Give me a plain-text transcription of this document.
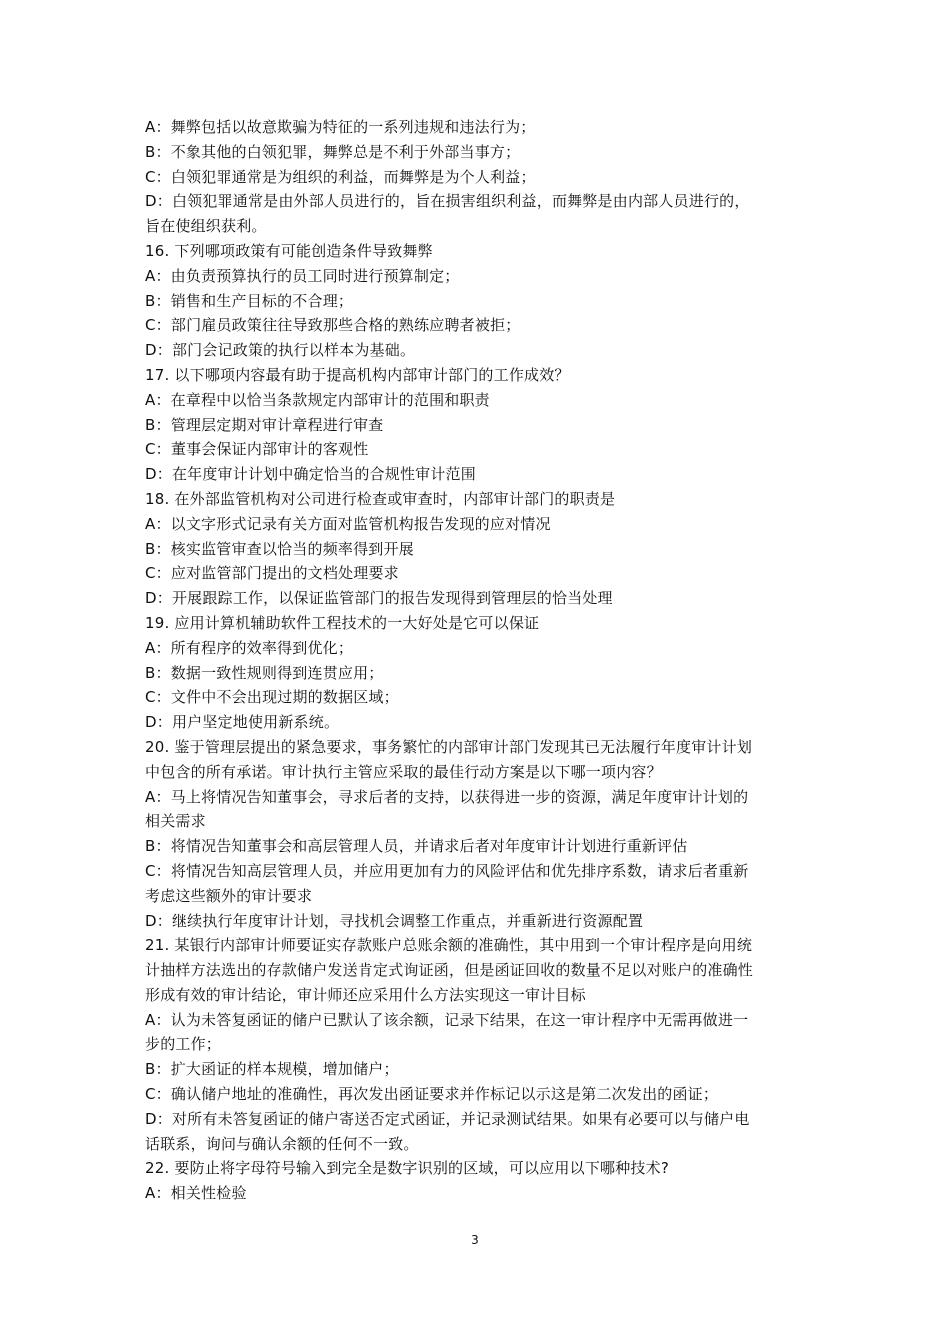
A：舞弊包括以故意欺骗为特征的一系列违规和违法行为；
B：不象其他的白领犯罪，舞弊总是不利于外部当事方；
C：白领犯罪通常是为组织的利益，而舞弊是为个人利益；
D：白领犯罪通常是由外部人员进行的，旨在损害组织利益，而舞弊是由内部人员进行的，
旨在使组织获利。
16. 下列哪项政策有可能创造条件导致舞弊
A：由负责预算执行的员工同时进行预算制定；
B：销售和生产目标的不合理；
C：部门雇员政策往往导致那些合格的熟练应聘者被拒；
D：部门会记政策的执行以样本为基础。
17. 以下哪项内容最有助于提高机构内部审计部门的工作成效？
A：在章程中以恰当条款规定内部审计的范围和职责
B：管理层定期对审计章程进行审查
C：董事会保证内部审计的客观性
D：在年度审计计划中确定恰当的合规性审计范围
18. 在外部监管机构对公司进行检查或审查时，内部审计部门的职责是
A：以文字形式记录有关方面对监管机构报告发现的应对情况
B：核实监管审查以恰当的频率得到开展
C：应对监管部门提出的文档处理要求
D：开展跟踪工作，以保证监管部门的报告发现得到管理层的恰当处理
19. 应用计算机辅助软件工程技术的一大好处是它可以保证
A：所有程序的效率得到优化；
B：数据一致性规则得到连贯应用；
C：文件中不会出现过期的数据区域；
D：用户坚定地使用新系统。
20. 鉴于管理层提出的紧急要求，事务繁忙的内部审计部门发现其已无法履行年度审计计划
中包含的所有承诺。审计执行主管应采取的最佳行动方案是以下哪一项内容？
A：马上将情况告知董事会，寻求后者的支持，以获得进一步的资源，满足年度审计计划的
相关需求
B：将情况告知董事会和高层管理人员，并请求后者对年度审计计划进行重新评估
C：将情况告知高层管理人员，并应用更加有力的风险评估和优先排序系数，请求后者重新
考虑这些额外的审计要求
D：继续执行年度审计计划，寻找机会调整工作重点，并重新进行资源配置
21. 某银行内部审计师要证实存款账户总账余额的准确性，其中用到一个审计程序是向用统
计抽样方法选出的存款储户发送肯定式询证函，但是函证回收的数量不足以对账户的准确性
形成有效的审计结论，审计师还应采用什么方法实现这一审计目标
A：认为未答复函证的储户已默认了该余额，记录下结果，在这一审计程序中无需再做进一
步的工作；
B：扩大函证的样本规模，增加储户；
C：确认储户地址的准确性，再次发出函证要求并作标记以示这是第二次发出的函证；
D：对所有未答复函证的储户寄送否定式函证，并记录测试结果。如果有必要可以与储户电
话联系，询问与确认余额的任何不一致。
22. 要防止将字母符号输入到完全是数字识别的区域，可以应用以下哪种技术?
A：相关性检验
3
